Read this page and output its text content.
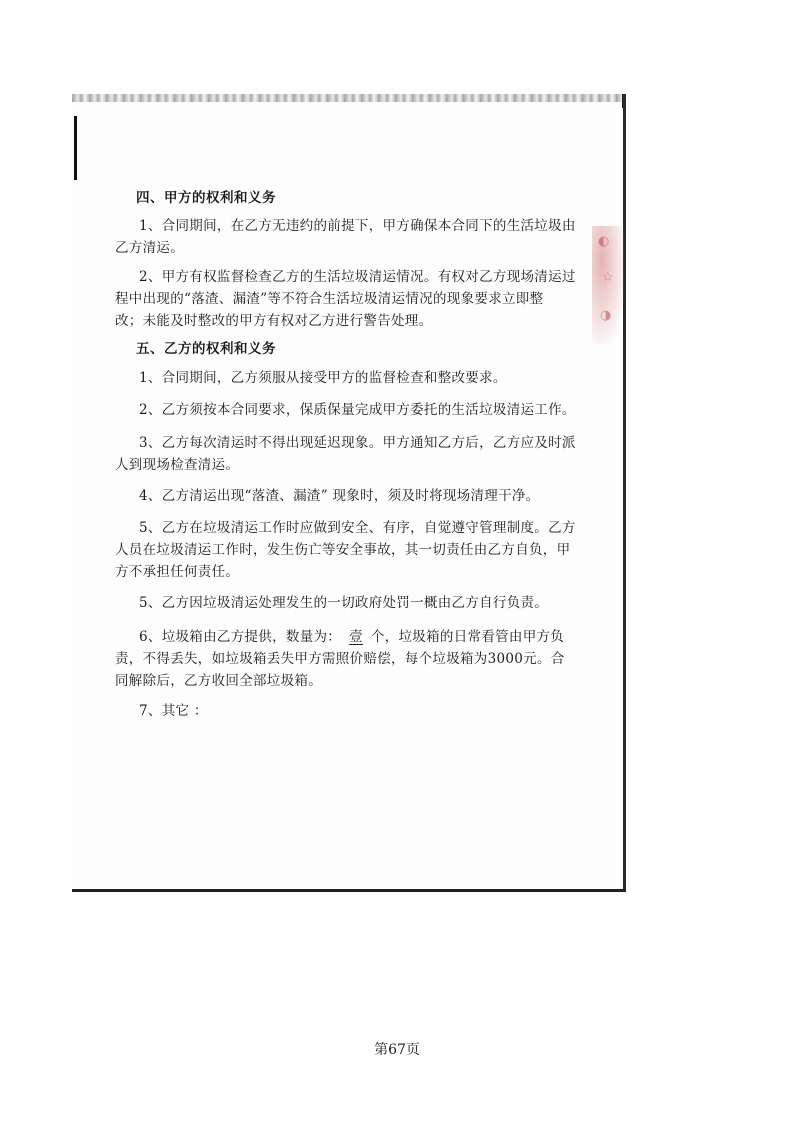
◐
☆
◑
四、甲方的权利和义务
1、合同期间，在乙方无违约的前提下，甲方确保本合同下的生活垃圾由
乙方清运。
2、甲方有权监督检查乙方的生活垃圾清运情况。有权对乙方现场清运过
程中出现的“落渣、漏渣”等不符合生活垃圾清运情况的现象要求立即整
改；未能及时整改的甲方有权对乙方进行警告处理。
五、乙方的权利和义务
1、合同期间，乙方须服从接受甲方的监督检查和整改要求。
2、乙方须按本合同要求，保质保量完成甲方委托的生活垃圾清运工作。
3、乙方每次清运时不得出现延迟现象。甲方通知乙方后，乙方应及时派
人到现场检查清运。
4、乙方清运出现“落渣、漏渣” 现象时，须及时将现场清理干净。
5、乙方在垃圾清运工作时应做到安全、有序，自觉遵守管理制度。乙方
人员在垃圾清运工作时，发生伤亡等安全事故，其一切责任由乙方自负，甲
方不承担任何责任。
5、乙方因垃圾清运处理发生的一切政府处罚一概由乙方自行负责。
6、垃圾箱由乙方提供，数量为： 壹 个，垃圾箱的日常看管由甲方负
责，不得丢失，如垃圾箱丢失甲方需照价赔偿，每个垃圾箱为3000元。合
同解除后，乙方收回全部垃圾箱。
7、其它 ：
第67页
